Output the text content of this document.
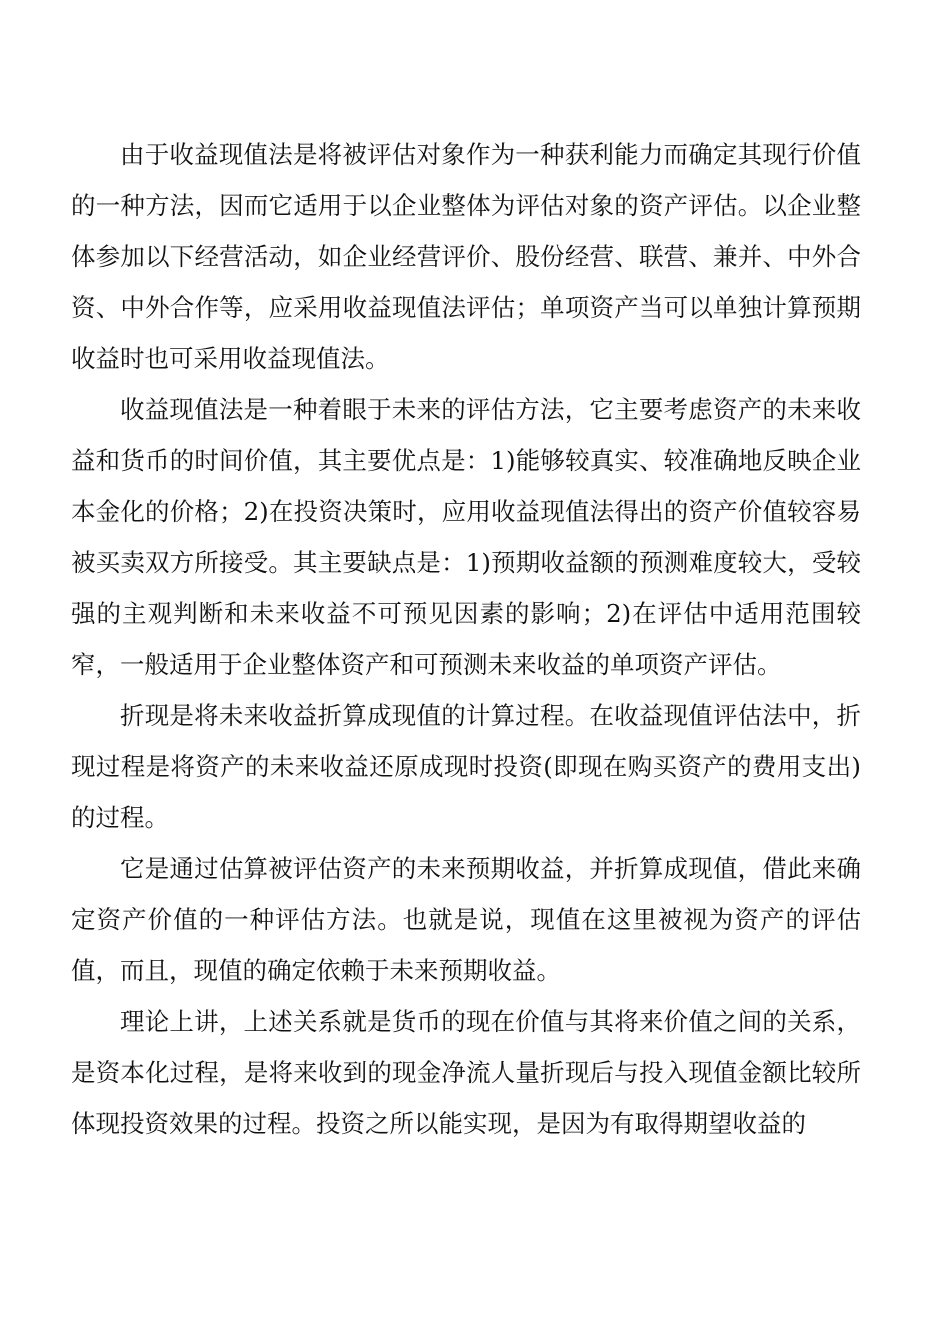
由于收益现值法是将被评估对象作为一种获利能力而确定其现行价值的一种方法，因而它适用于以企业整体为评估对象的资产评估。以企业整体参加以下经营活动，如企业经营评价、股份经营、联营、兼并、中外合资、中外合作等，应采用收益现值法评估；单项资产当可以单独计算预期收益时也可采用收益现值法。

收益现值法是一种着眼于未来的评估方法，它主要考虑资产的未来收益和货币的时间价值，其主要优点是：1)能够较真实、较准确地反映企业本金化的价格；2)在投资决策时，应用收益现值法得出的资产价值较容易被买卖双方所接受。其主要缺点是：1)预期收益额的预测难度较大，受较强的主观判断和未来收益不可预见因素的影响；2)在评估中适用范围较窄，一般适用于企业整体资产和可预测未来收益的单项资产评估。

折现是将未来收益折算成现值的计算过程。在收益现值评估法中，折现过程是将资产的未来收益还原成现时投资(即现在购买资产的费用支出)的过程。

它是通过估算被评估资产的未来预期收益，并折算成现值，借此来确定资产价值的一种评估方法。也就是说，现值在这里被视为资产的评估值，而且，现值的确定依赖于未来预期收益。

理论上讲，上述关系就是货币的现在价值与其将来价值之间的关系，是资本化过程，是将来收到的现金净流人量折现后与投入现值金额比较所体现投资效果的过程。投资之所以能实现，是因为有取得期望收益的
